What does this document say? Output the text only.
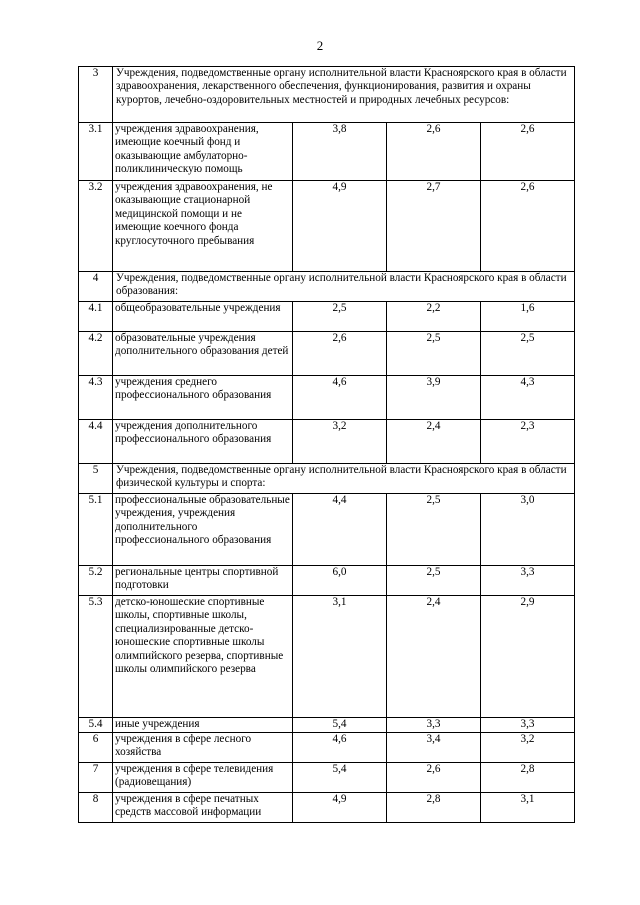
2
3	Учреждения, подведомственные органу исполнительной власти Красноярского края в области здравоохранения, лекарственного обеспечения, функционирования, развития и охраны курортов, лечебно-оздоровительных местностей и природных лечебных ресурсов:			
3.1	учреждения здравоохранения, имеющие коечный фонд и оказывающие амбулаторно-поликлиническую помощь	3,8	2,6	2,6
3.2	учреждения здравоохранения, не оказывающие стационарной медицинской помощи и не имеющие коечного фонда круглосуточного пребывания	4,9	2,7	2,6
4	Учреждения, подведомственные органу исполнительной власти Красноярского края в области образования:			
4.1	общеобразовательные учреждения	2,5	2,2	1,6
4.2	образовательные учреждения дополнительного образования детей	2,6	2,5	2,5
4.3	учреждения среднего профессионального образования	4,6	3,9	4,3
4.4	учреждения дополнительного профессионального образования	3,2	2,4	2,3
5	Учреждения, подведомственные органу исполнительной власти Красноярского края в области физической культуры и спорта:			
5.1	профессиональные образовательные учреждения, учреждения дополнительного профессионального образования	4,4	2,5	3,0
5.2	региональные центры спортивной подготовки	6,0	2,5	3,3
5.3	детско-юношеские спортивные школы, спортивные школы, специализированные детско-юношеские спортивные школы олимпийского резерва, спортивные школы олимпийского резерва	3,1	2,4	2,9
5.4	иные учреждения	5,4	3,3	3,3
6	учреждения в сфере лесного хозяйства	4,6	3,4	3,2
7	учреждения в сфере телевидения (радиовещания)	5,4	2,6	2,8
8	учреждения в сфере печатных средств массовой информации	4,9	2,8	3,1
